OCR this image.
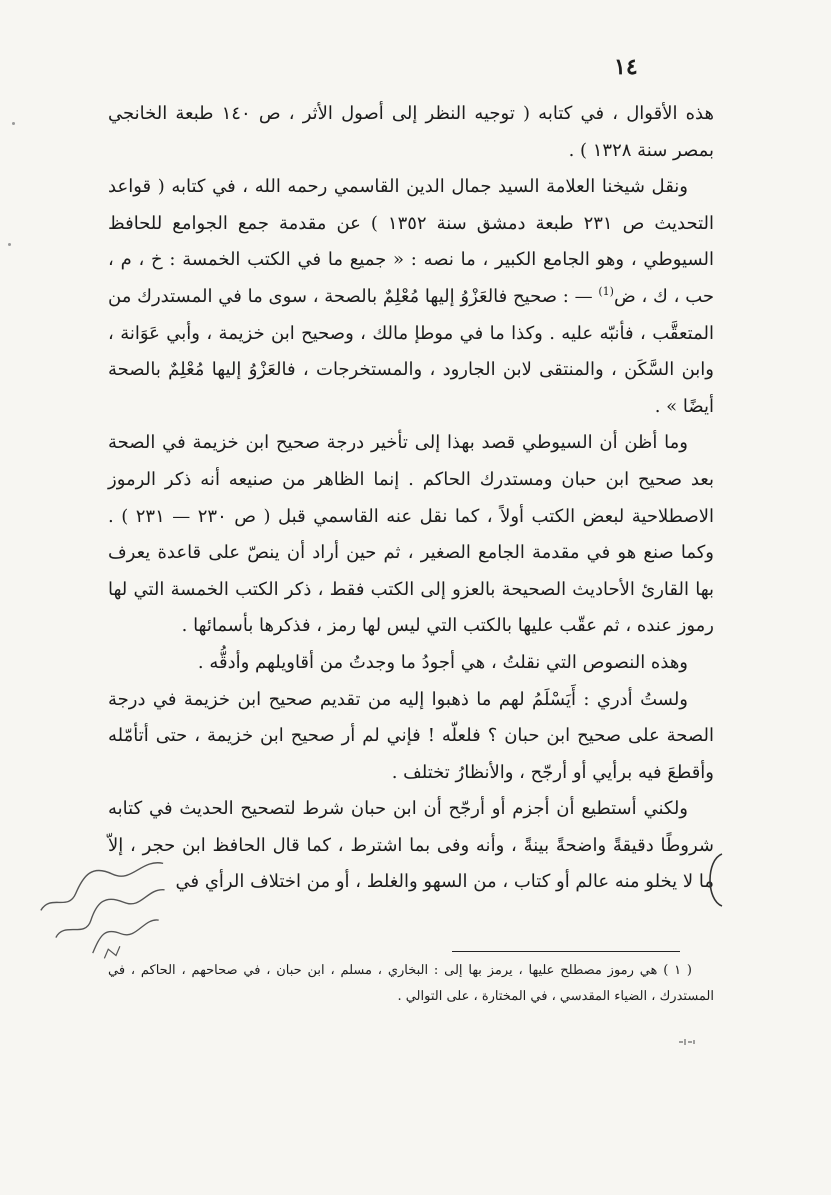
١٤

هذه الأقوال ، في كتابه ( توجيه النظر إلى أصول الأثر ، ص ١٤٠ طبعة الخانجي بمصر سنة ١٣٢٨ ) .

ونقل شيخنا العلامة السيد جمال الدين القاسمي رحمه الله ، في كتابه ( قواعد التحديث ص ٢٣١ طبعة دمشق سنة ١٣٥٢ ) عن مقدمة جمع الجوامع للحافظ السيوطي ، وهو الجامع الكبير ، ما نصه : « جميع ما في الكتب الخمسة : خ ، م ، حب ، ك ، ض$^{(1)}$ — : صحيح فالعَزْوُ إليها مُعْلِمٌ بالصحة ، سوى ما في المستدرك من المتعقَّب ، فأنبّه عليه . وكذا ما في موطإ مالك ، وصحيح ابن خزيمة ، وأبي عَوَانة ، وابن السَّكَن ، والمنتقى لابن الجارود ، والمستخرجات ، فالعَزْوُ إليها مُعْلِمٌ بالصحة أيضًا » .

وما أظن أن السيوطي قصد بهذا إلى تأخير درجة صحيح ابن خزيمة في الصحة بعد صحيح ابن حبان ومستدرك الحاكم . إنما الظاهر من صنيعه أنه ذكر الرموز الاصطلاحية لبعض الكتب أولاً ، كما نقل عنه القاسمي قبل ( ص ٢٣٠ — ٢٣١ ) . وكما صنع هو في مقدمة الجامع الصغير ، ثم حين أراد أن ينصّ على قاعدة يعرف بها القارئ الأحاديث الصحيحة بالعزو إلى الكتب فقط ، ذكر الكتب الخمسة التي لها رموز عنده ، ثم عقّب عليها بالكتب التي ليس لها رمز ، فذكرها بأسمائها .

وهذه النصوص التي نقلتُ ، هي أجودُ ما وجدتُ من أقاويلهم وأدقُّه .

ولستُ أدري : أَيَسْلَمُ لهم ما ذهبوا إليه من تقديم صحيح ابن خزيمة في درجة الصحة على صحيح ابن حبان ؟ فلعلّه ! فإني لم أر صحيح ابن خزيمة ، حتى أتأمّله وأقطعَ فيه برأيي أو أرجّح ، والأنظارُ تختلف .

ولكني أستطيع أن أجزم أو أرجّح أن ابن حبان شرط لتصحيح الحديث في كتابه شروطًا دقيقةً واضحةً بينةً ، وأنه وفى بما اشترط ، كما قال الحافظ ابن حجر ، إلاّ ما لا يخلو منه عالم أو كتاب ، من السهو والغلط ، أو من اختلاف الرأي في

( ١ ) هي رموز مصطلح عليها ، يرمز بها إلى : البخاري ، مسلم ، ابن حبان ، في صحاحهم ، الحاكم ، في المستدرك ، الضياء المقدسي ، في المختارة ، على التوالي .
